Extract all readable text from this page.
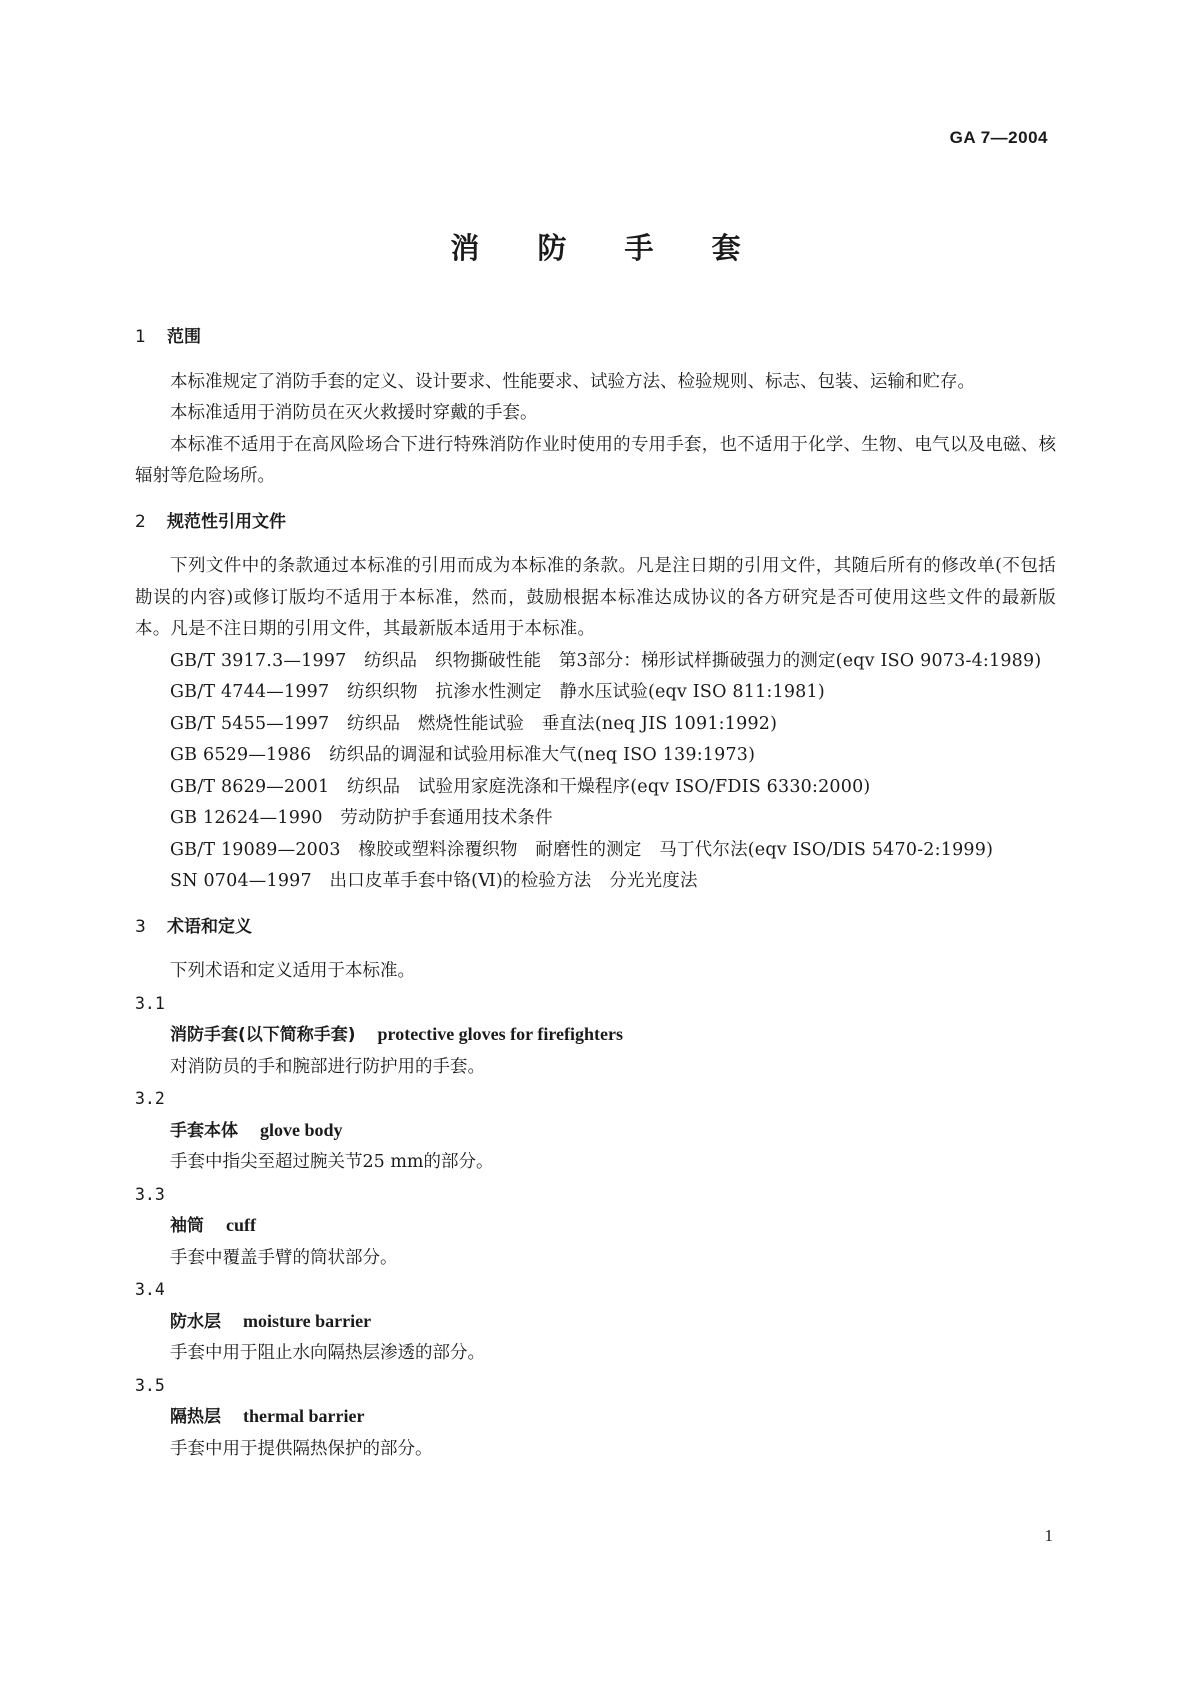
GA 7—2004
消 防 手 套
1 范围

本标准规定了消防手套的定义、设计要求、性能要求、试验方法、检验规则、标志、包装、运输和贮存。

本标准适用于消防员在灭火救援时穿戴的手套。

本标准不适用于在高风险场合下进行特殊消防作业时使用的专用手套，也不适用于化学、生物、电气以及电磁、核辐射等危险场所。

2 规范性引用文件

下列文件中的条款通过本标准的引用而成为本标准的条款。凡是注日期的引用文件，其随后所有的修改单(不包括勘误的内容)或修订版均不适用于本标准，然而，鼓励根据本标准达成协议的各方研究是否可使用这些文件的最新版本。凡是不注日期的引用文件，其最新版本适用于本标准。

GB/T 3917.3—1997　纺织品　织物撕破性能　第3部分：梯形试样撕破强力的测定(eqv ISO 9073-4:1989)

GB/T 4744—1997　纺织织物　抗渗水性测定　静水压试验(eqv ISO 811:1981)

GB/T 5455—1997　纺织品　燃烧性能试验　垂直法(neq JIS 1091:1992)

GB 6529—1986　纺织品的调湿和试验用标准大气(neq ISO 139:1973)

GB/T 8629—2001　纺织品　试验用家庭洗涤和干燥程序(eqv ISO/FDIS 6330:2000)

GB 12624—1990　劳动防护手套通用技术条件

GB/T 19089—2003　橡胶或塑料涂覆织物　耐磨性的测定　马丁代尔法(eqv ISO/DIS 5470-2:1999)

SN 0704—1997　出口皮革手套中铬(Ⅵ)的检验方法　分光光度法

3 术语和定义

下列术语和定义适用于本标准。

3.1

消防手套(以下简称手套) protective gloves for firefighters

对消防员的手和腕部进行防护用的手套。

3.2

手套本体 glove body

手套中指尖至超过腕关节25 mm的部分。

3.3

袖筒 cuff

手套中覆盖手臂的筒状部分。

3.4

防水层 moisture barrier

手套中用于阻止水向隔热层渗透的部分。

3.5

隔热层 thermal barrier

手套中用于提供隔热保护的部分。

1
